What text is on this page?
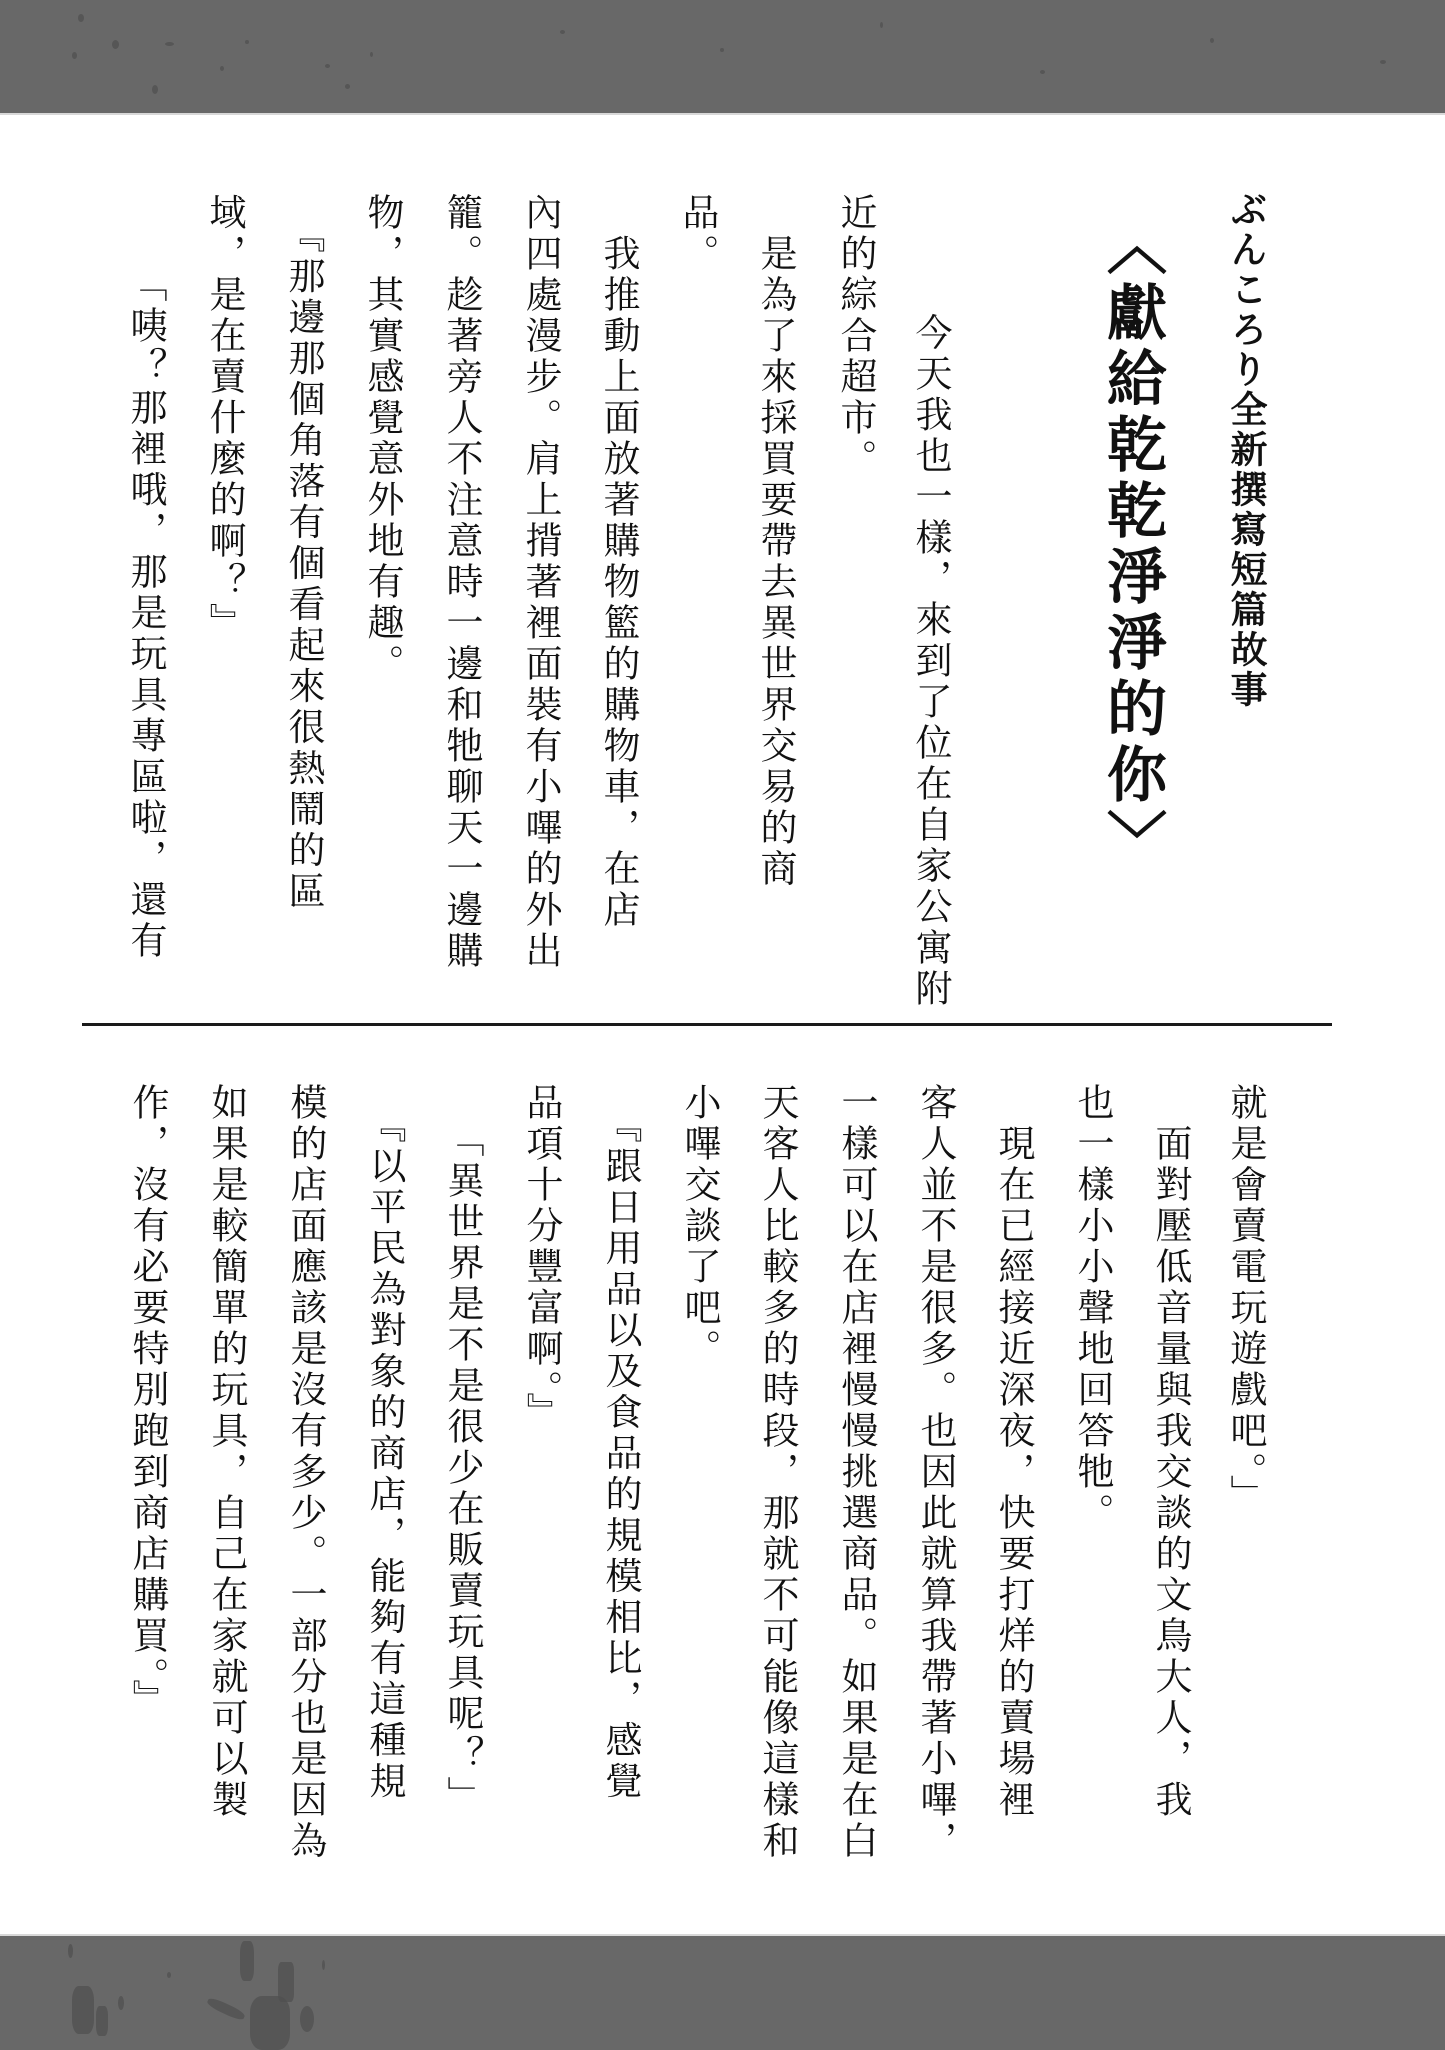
ぶんころり全新撰寫短篇故事
〈獻給乾乾淨淨的你〉
　今天我也一樣，來到了位在自家公寓附
近的綜合超市。
　是為了來採買要帶去異世界交易的商
品。
　我推動上面放著購物籃的購物車，在店
內四處漫步。肩上揹著裡面裝有小嗶的外出
籠。趁著旁人不注意時一邊和牠聊天一邊購
物，其實感覺意外地有趣。
　『那邊那個角落有個看起來很熱鬧的區
域，是在賣什麼的啊？』
「咦？那裡哦，那是玩具專區啦，還有
就是會賣電玩遊戲吧。」
　面對壓低音量與我交談的文鳥大人，我
也一樣小小聲地回答牠。
　現在已經接近深夜，快要打烊的賣場裡
客人並不是很多。也因此就算我帶著小嗶，
一樣可以在店裡慢慢挑選商品。如果是在白
天客人比較多的時段，那就不可能像這樣和
小嗶交談了吧。
　『跟日用品以及食品的規模相比，感覺
品項十分豐富啊。』
「異世界是不是很少在販賣玩具呢？」
　『以平民為對象的商店，能夠有這種規
模的店面應該是沒有多少。一部分也是因為
如果是較簡單的玩具，自己在家就可以製
作，沒有必要特別跑到商店購買。』
